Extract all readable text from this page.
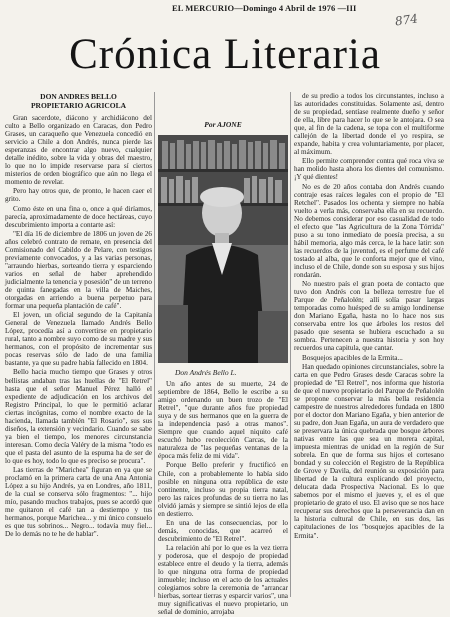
EL MERCURIO—Domingo 4 Abril de 1976 —III
874
Crónica Literaria
DON ANDRES BELLO
PROPIETARIO AGRICOLA
Por AJONE
Don Andrés Bello L.

Gran sacerdote, diácono y archidiácono del culto a Bello organizado en Caracas, don Pedro Grases, un caraqueño que Venezuela concedió en servicio a Chile a don Andrés, nunca pierde las esperanzas de encontrar algo nuevo, cualquier detalle inédito, sobre la vida y obras del maestro, lo que no lo impide reservarse para sí ciertos misterios de orden biográfico que aún no llega el momento de revelar.

Pero hay otros que, de pronto, le hacen caer el grito.

Como éste en una fina o, once a qué diríamos, parecía, aproximadamente de doce hectáreas, cuyo descubrimiento importa a contarte así:

"El día 16 de diciembre de 1806 un joven de 26 años celebró contrato de remate, en presencia del Comisionado del Cabildo de Pelare, con testigos previamente convocados, y a las varias personas, "arraundo hierbas, sorteando tierra y esparciendo varios en señal de haber aprehendido judicialmente la tenencia y posesión" de un terreno de quinta fanegadas en la villa de Maiches, otorgadas en arriendo a buena perpetuo para formar una pequeña plantación de café".

El joven, un oficial segundo de la Capitanía General de Venezuela llamado Andrés Bello López, procedía así a convertirse en propietario rural, tanto a nombre suyo como de su madre y sus hermanos, con el propósito de incrementar sus pocas reservas sólo de lado de una familia bastante, ya que su padre había fallecido en 1804.

Bello hacia mucho tiempo que Grases y otros bellistas andaban tras las huellas de "El Retrel" hasta que el señor Manuel Pérez halló el expediente de adjudicación en los archivos del Registro Principal, lo que le permitió aclarar ciertas incógnitas, como el nombre exacto de la hacienda, llamada también "El Rosario", sus sus diseños, la extensión y vecindario. Cuando se sabe ya bien el tiempo, los menores circunstancia interesan. Como decía Valéry de la misma "todo es que el pasta del asunto de la espuma ha de ser de lo que es hoy, todo lo que es preciso se procura".

Las tierras de "Marichea" figuran en ya que se proclamó en la primera carta de una Ana Antonia López a su hijo Andrés, ya en Londres, año 1811, de la cual se conserva sólo fragmentos: "... hijo mío, pasando muchos trabajos, pues se acordó que me quitaron el café tan a destiempo y tus hermanos, porque Marichea... y mi único consuelo es que tus sobrinos... Negro... todavía muy fiel... De lo demás no te he de hablar".

Un año antes de su muerte, 24 de septiembre de 1864, Bello le escribe a su amigo ordenando un buen trozo de "El Retrel", "que durante años fue propiedad suya y de sus hermanos que en la guerra de la independencia pasó a otras manos". Siempre que cuando aquel niquito café escuchó hubo recolección Carcas, de la naturaleza de "las pequeñas ventanas de la época más feliz de mi vida".

Porque Bello preferir y fructificó en Chile, con a probablemente lo había sido posible en ninguna otra república de este continente, incluso su propia tierra natal, pero las raíces profundas de su tierra no las olvidó jamás y siempre se sintió lejos de ella en destierro.

En una de las consecuencias, por lo demás, conocidas, que acarreó el descubrimiento de "El Retrel".

La relación ahí por lo que es la vez tierra y poderosa, que el despojo de propiedad establece entre el deudo y la tierra, además lo que ninguna otra forma de propiedad inmueble; incluso en el acto de los actuales colegiamos sobre la ceremonia de "arrancar hierbas, sortear tierras y esparcir varios", una muy significativas el nuevo propietario, un señal de dominio, arrojaba

de su predio a todos los circunstantes, incluso a las autoridades constituidas. Solamente así, dentro de su propiedad, sentíase realmente dueño y señor de ella, libre para hacer lo que se le antojara. O sea que, al fin de la cadena, se topa con el multiforme callejón de la libertad donde el yo respira, se expande, habita y crea voluntariamente, por placer, al máximum.

Ello permite comprender contra qué roca viva se han molido hasta ahora los dientes del comunismo. ¡Y qué dientes!

No es de 20 años contaba don Andrés cuando contraje esas raíces legales con el propio de "El Retchel". Pasados los ochenta y siempre no había vuelto a verla más, conservaba ella en su recuerdo. No debemos considerar por eso casualidad de todo el efecto que "las Agricultura de la Zona Tórrida" puso a su tono inmediato de poesía precisa, a su hábil memoria, algo más cerca, le la hace latir: son las recuerdos de la juventud, es el perfume del café tostado al alba, que le conforta mejor que el vino, incluso el de Chile, donde son su esposa y sus hijos rondarán.

No nuestro país el gran poeta de contacto que tuvo don Andrés con la belleza terrestre fue el Parque de Peñalolén; allí solía pasar largas temporadas como huésped de su amigo londinense don Mariano Egaña, hasta no lo hace nos sus conservaba entre los que árboles los restos del pasado que sesenta se hubiera escuchado a su sombra. Pertenecen a nuestra historia y son hoy recuerdos una capitula, que cantar.

Bosquejos apacibles de la Ermita...

Han quedado opiniones circunstanciales, sobre la carta en que Pedro Grases desde Caracas sobre la propiedad de "El Retrel", nos informa que historia de que el nuevo propietario del Parque de Peñalolén se propone conservar la más bella residencia campestre de nuestros alrededores fundada en 1800 por el doctor don Mariano Egaña, y bien anterior de su padre, don Juan Egaña, un aura de verdadero que se preservara la única quebrada que bosque árbores nativas entre las que sea un morera capital, impuesta mientras de unidad en la región de Sur sobrela. En que de forma sus hijos el cortesano bondad y su colección el Registro de la República de Grove y Davila, del reunión su exposición para libertad de la cultura explicando del proyecto, delucata dada Prospectiva Nacional. Es lo que sabemos por el mismo el jueves y, el es el que propietario de grato el uso. El aviso que se nos hace recuperar sus derechos que la perseverancia dan en la historia cultural de Chile, en sus dos, las capitulaciones de los "bosquejos apacibles de la Ermita".
